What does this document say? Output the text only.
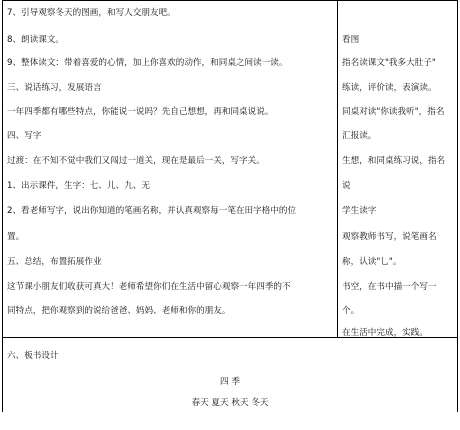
7、引导观察冬天的图画，和写人交朋友吧。
8、朗读课文。
9、整体读文：带着喜爱的心情，加上你喜欢的动作，和同桌之间读一读。
三、说话练习，发展语言
一年四季都有哪些特点，你能说一说吗？先自己想想，再和同桌说说。
四、写字
过渡：在不知不觉中我们又闯过一道关，现在是最后一关，写字关。
1、出示课件，生字：七、儿、九、无
2、看老师写字，说出你知道的笔画名称，并认真观察每一笔在田字格中的位
置。
五、总结，布置拓展作业
这节课小朋友们收获可真大！老师希望你们在生活中留心观察一年四季的不
同特点，把你观察到的说给爸爸、妈妈、老师和你的朋友。
看图
指名读课文"我多大肚子"
练读，评价读，表演读。
同桌对读"你读我听"，指名
汇报读。
生想，和同桌练习说，指名
说
学生读字
观察教师书写，说笔画名
称，认读"乚"。
书空，在书中描一个写一
个。
在生活中完成，实践。
六、板书设计
四 季
春天 夏天 秋天 冬天
